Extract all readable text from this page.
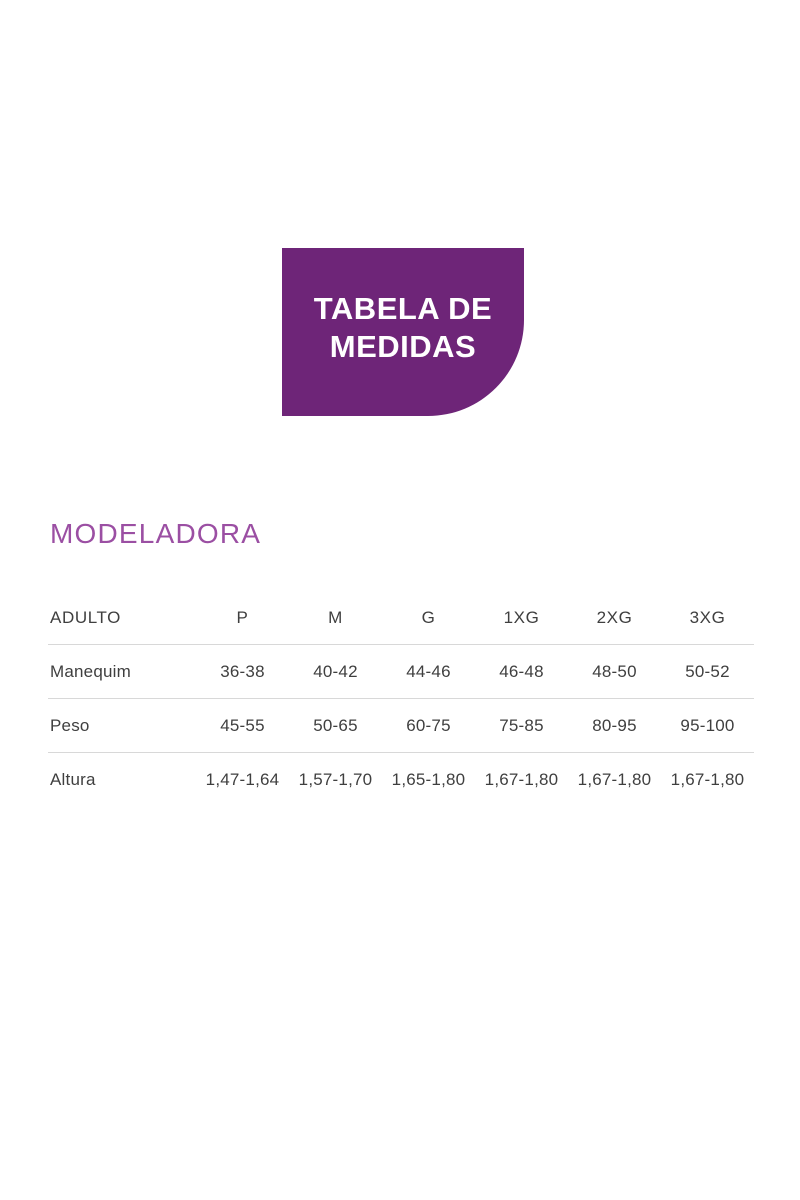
TABELA DE
MEDIDAS
MODELADORA
ADULTO	P	M	G	1XG	2XG	3XG
Manequim	36-38	40-42	44-46	46-48	48-50	50-52
Peso	45-55	50-65	60-75	75-85	80-95	95-100
Altura	1,47-1,64	1,57-1,70	1,65-1,80	1,67-1,80	1,67-1,80	1,67-1,80
